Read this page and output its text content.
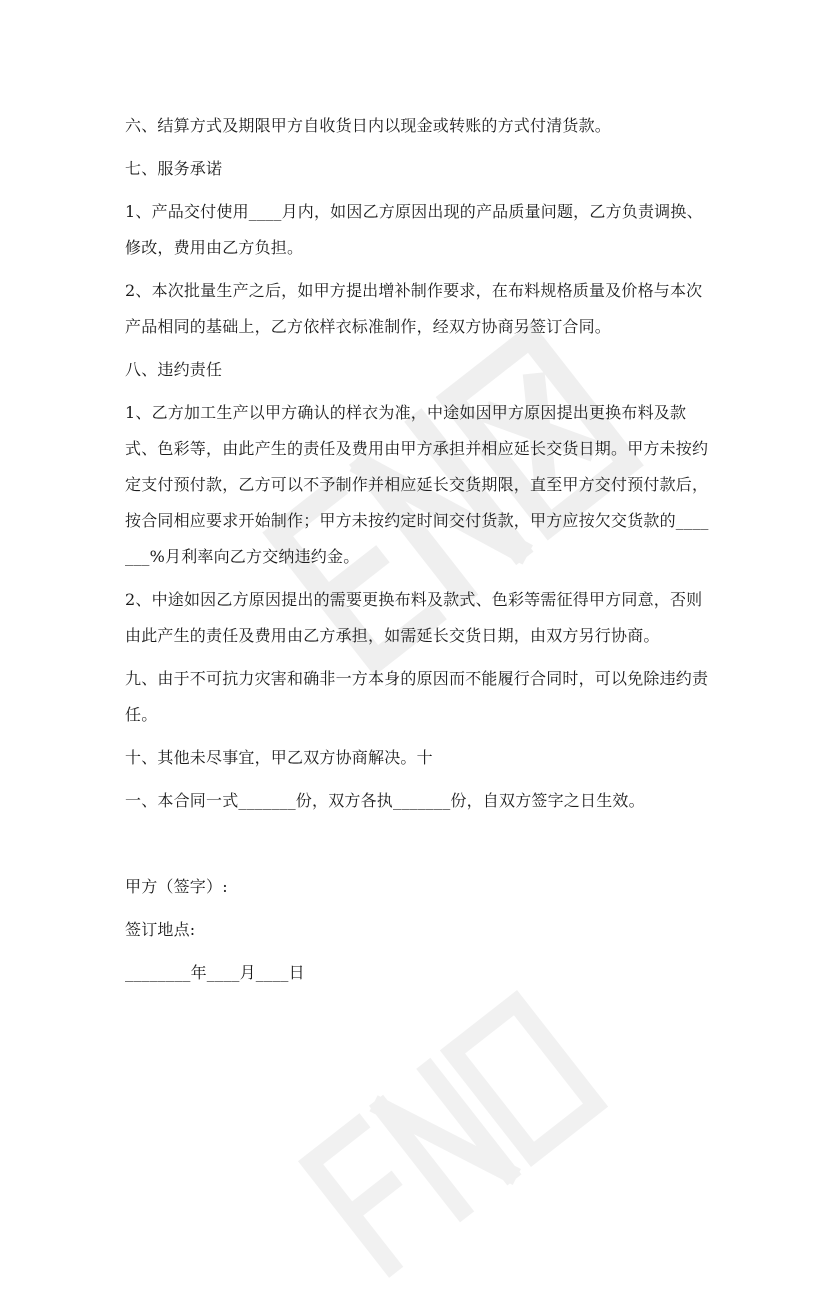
六、结算方式及期限甲方自收货日内以现金或转账的方式付清货款。

七、服务承诺

1、产品交付使用____月内，如因乙方原因出现的产品质量问题，乙方负责调换、修改，费用由乙方负担。

2、本次批量生产之后，如甲方提出增补制作要求，在布料规格质量及价格与本次产品相同的基础上，乙方依样衣标准制作，经双方协商另签订合同。

八、违约责任

1、乙方加工生产以甲方确认的样衣为准，中途如因甲方原因提出更换布料及款式、色彩等，由此产生的责任及费用由甲方承担并相应延长交货日期。甲方未按约定支付预付款，乙方可以不予制作并相应延长交货期限，直至甲方交付预付款后，按合同相应要求开始制作；甲方未按约定时间交付货款，甲方应按欠交货款的_______%月利率向乙方交纳违约金。

2、中途如因乙方原因提出的需要更换布料及款式、色彩等需征得甲方同意，否则由此产生的责任及费用由乙方承担，如需延长交货日期，由双方另行协商。

九、由于不可抗力灾害和确非一方本身的原因而不能履行合同时，可以免除违约责任。

十、其他未尽事宜，甲乙双方协商解决。十

一、本合同一式_______份，双方各执_______份，自双方签字之日生效。

甲方（签字）:

签订地点:

________年____月____日
